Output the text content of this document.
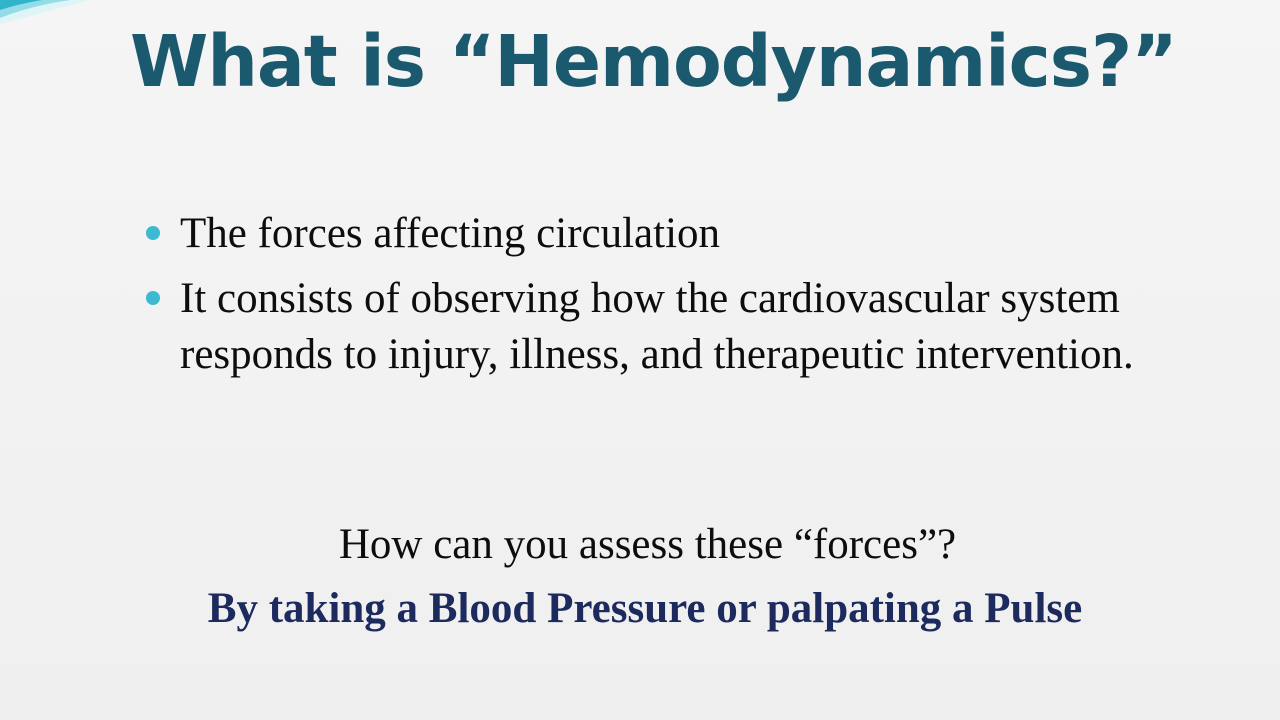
What is “Hemodynamics?”
The forces affecting circulation
It consists of observing how the cardiovascular system responds to injury, illness, and therapeutic intervention.

How can you assess these “forces”?

By taking a Blood Pressure or palpating a Pulse
